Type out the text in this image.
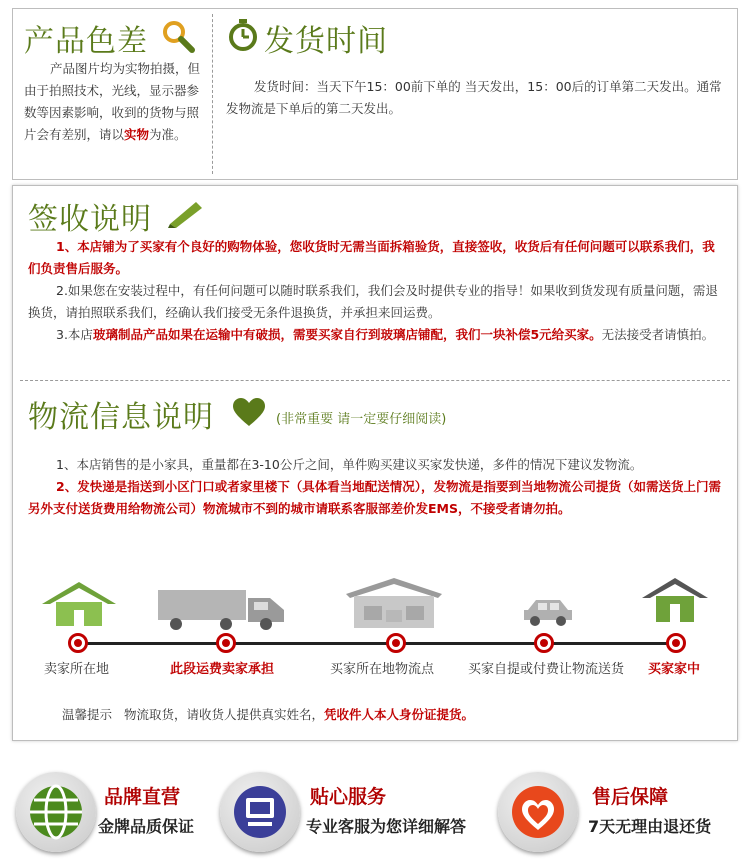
产品色差
产品图片均为实物拍摄，但由于拍照技术，光线，显示器参数等因素影响，收到的货物与照片会有差别，请以实物为准。
发货时间
发货时间：当天下午15：00前下单的 当天发出，15：00后的订单第二天发出。通常发物流是下单后的第二天发出。
签收说明
1、本店铺为了买家有个良好的购物体验，您收货时无需当面拆箱验货，直接签收，收货后有任何问题可以联系我们，我们负责售后服务。
2.如果您在安装过程中，有任何问题可以随时联系我们，我们会及时提供专业的指导！如果收到货发现有质量问题，需退换货，请拍照联系我们，经确认我们接受无条件退换货，并承担来回运费。
3.本店玻璃制品产品如果在运输中有破损，需要买家自行到玻璃店铺配，我们一块补偿5元给买家。无法接受者请慎拍。
物流信息说明	(非常重要 请一定要仔细阅读)
1、本店销售的是小家具，重量都在3-10公斤之间，单件购买建议买家发快递，多件的情况下建议发物流。
2、发快递是指送到小区门口或者家里楼下（具体看当地配送情况），发物流是指要到当地物流公司提货（如需送货上门需另外支付送货费用给物流公司）物流城市不到的城市请联系客服部差价发EMS，不接受者请勿拍。
卖家所在地	此段运费卖家承担	买家所在地物流点	买家自提或付费让物流送货 买家家中
温馨提示 物流取货，请收货人提供真实姓名，凭收件人本人身份证提货。
品牌直营
金牌品质保证
贴心服务
专业客服为您详细解答
售后保障
7天无理由退还货
